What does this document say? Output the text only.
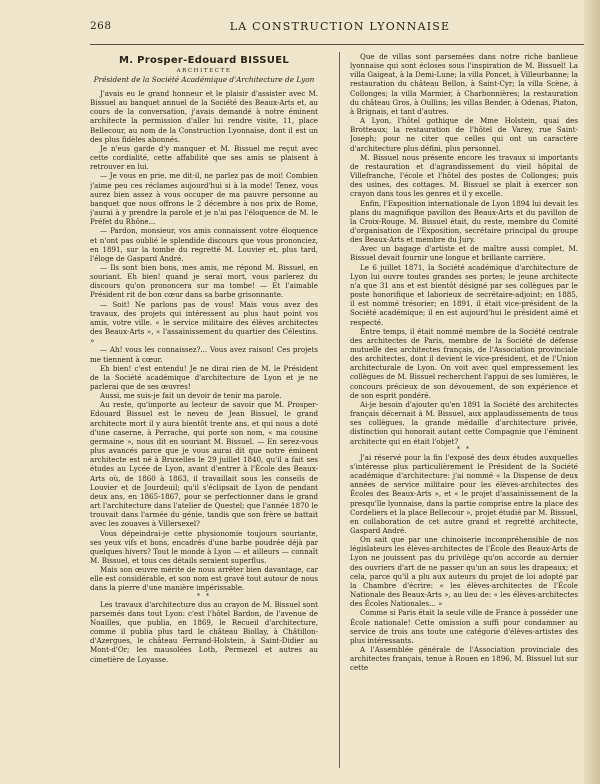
268	LA CONSTRUCTION LYONNAISE
M. Prosper-Edouard BISSUEL
ARCHITECTE
Président de la Société Académique d'Architecture de Lyon

J'avais eu le grand honneur et le plaisir d'assister avec M. Bissuel au banquet annuel de la Société des Beaux-Arts et, au cours de la conversation, j'avais demandé à notre éminent architecte la permission d'aller lui rendre visite, 11, place Bellecour, au nom de la Construction Lyonnaise, dont il est un des plus fidèles abonnés.

Je n'eus garde d'y manquer et M. Bissuel me reçut avec cette cordialité, cette affabilité que ses amis se plaisent à retrouver en lui.

— Je vous en prie, me dit-il, ne parlez pas de moi! Combien j'aime peu ces réclames aujourd'hui si à la mode! Tenez, vous aurez bien assez à vous occuper de ma pauvre personne au banquet que nous offrons le 2 décembre à nos prix de Rome, j'aurai à y prendre la parole et je n'ai pas l'éloquence de M. le Préfet du Rhône...

— Pardon, monsieur, vos amis connaissent votre éloquence et n'ont pas oublié le splendide discours que vous prononciez, en 1891, sur la tombe du regretté M. Louvier et, plus tard, l'éloge de Gaspard André.

— Ils sont bien bons, mes amis, me répond M. Bissuel, en souriant. Eh bien! quand je serai mort, vous parlerez du discours qu'on prononcera sur ma tombe! — Et l'aimable Président rit de bon cœur dans sa barbe grisonnante.

— Soit! Ne parlons pas de vous! Mais vous avez des travaux, des projets qui intéressent au plus haut point vos amis, votre ville. « le service militaire des élèves architectes des Beaux-Arts », « l'assainissement du quartier des Célestins. »

— Ah! vous les connaissez?... Vous avez raison! Ces projets me tiennent à cœur.

Eh bien! c'est entendu! Je ne dirai rien de M. le Président de la Société académique d'architecture de Lyon et je ne parlerai que de ses œuvres!

Aussi, me suis-je fait un devoir de tenir ma parole.

Au reste, qu'importe au lecteur de savoir que M. Prosper-Edouard Bissuel est le neveu de Jean Bissuel, le grand architecte mort il y aura bientôt trente ans, et qui nous a doté d'une caserne, à Perrache, qui porte son nom, « ma cousine germaine », nous dit en souriant M. Bissuel. — En serez-vous plus avancés parce que je vous aurai dit que notre éminent architecte est né à Bruxelles le 29 juillet 1840, qu'il a fait ses études au Lycée de Lyon, avant d'entrer à l'École des Beaux-Arts où, de 1860 à 1863, il travaillait sous les conseils de Louvier et de Jourdeuil; qu'il s'éclipsait de Lyon de pendant deux ans, en 1865-1867, pour se perfectionner dans le grand art l'architecture dans l'atelier de Questel; que l'année 1870 le trouvait dans l'armée du génie, tandis que son frère se battait avec les zouaves à Villersexel?

Vous dépeindrai-je cette physionomie toujours souriante, ses yeux vifs et bons, encadrés d'une barbe poudrée déjà par quelques hivers? Tout le monde à Lyon — et ailleurs — connaît M. Bissuel, et tous ces détails seraient superflus.

Mais son œuvre mérite de nous arrêter bien davantage, car elle est considérable, et son nom est gravé tout autour de nous dans la pierre d'une manière impérissable.

* *

Les travaux d'architecture dus au crayon de M. Bissuel sont parsemés dans tout Lyon: c'est l'hôtel Bardon, de l'avenue de Noailles, que publia, en 1869, le Recueil d'architecture, comme il publia plus tard le château Biollay, à Châtillon-d'Azergues, le château Ferrand-Holstein, à Saint-Didier au Mont-d'Or; les mausolées Loth, Permezel et autres au cimetière de Loyasse.

Que de villas sont parsemées dans notre riche banlieue lyonnaise qui sont écloses sous l'inspiration de M. Bissuel! La villa Gaigeat, à la Demi-Lune; la villa Poncet, à Villeurbanne; la restauration du château Bellon, à Saint-Cyr; la villa Scène, à Collonges; la villa Marmier, à Charbonnières; la restauration du château Gros, à Oullins; les villas Bender, à Odenas, Piaton, à Brignais, et tant d'autres.

A Lyon, l'hôtel gothique de Mme Holstein, quai des Brotteaux; la restauration de l'hôtel de Varey, rue Saint-Joseph; pour ne citer que celles qui ont un caractère d'architecture plus défini, plus personnel.

M. Bissuel nous présente encore les travaux si importants de restauration et d'agrandissement du vieil hôpital de Villefranche, l'école et l'hôtel des postes de Collonges; puis des usines, des cottages. M. Bissuel se plait à exercer son crayon dans tous les genres et il y excelle.

Enfin, l'Exposition internationale de Lyon 1894 lui devait les plans du magnifique pavillon des Beaux-Arts et du pavillon de la Croix-Rouge. M. Bissuel était, du reste, membre du Comité d'organisation de l'Exposition, secrétaire principal du groupe des Beaux-Arts et membre du Jury.

Avec un bagage d'artiste et de maître aussi complet, M. Bissuel devait fournir une longue et brillante carrière.

Le 6 juillet 1871, la Société académique d'architecture de Lyon lui ouvre toutes grandes ses portes; le jeune architecte n'a que 31 ans et est bientôt désigné par ses collègues par le poste honorifique et laborieux de secrétaire-adjoint; en 1885, il est nommé trésorier; en 1891, il était vice-président de la Société académique; il en est aujourd'hui le président aimé et respecté.

Entre temps, il était nommé membre de la Société centrale des architectes de Paris, membre de la Société de défense mutuelle des architectes français, de l'Association provinciale des architectes, dont il devient le vice-président, et de l'Union architecturale de Lyon. On voit avec quel empressement les collègues de M. Bissuel recherchent l'appui de ses lumières, le concours précieux de son dévouement, de son expérience et de son esprit pondéré.

Ai-je besoin d'ajouter qu'en 1891 la Société des architectes français décernait à M. Bissuel, aux applaudissements de tous ses collègues, la grande médaille d'architecture privée, distinction qui honorait autant cette Compagnie que l'éminent architecte qui en était l'objet?

* *

J'ai réservé pour la fin l'exposé des deux études auxquelles s'intéresse plus particulièrement le Président de la Société académique d'architecture: j'ai nommé « la Dispense de deux années de service militaire pour les élèves-architectes des Écoles des Beaux-Arts », et « le projet d'assainissement de la presqu'île lyonnaise, dans la partie comprise entre la place des Cordeliers et la place Bellecour », projet étudié par M. Bissuel, en collaboration de cet autre grand et regretté architecte, Gaspard André.

On sait que par une chinoiserie incompréhensible de nos législateurs les élèves-architectes de l'École des Beaux-Arts de Lyon ne jouissent pas du privilège qu'on accorde au dernier des ouvriers d'art de ne passer qu'un an sous les drapeaux; et cela, parce qu'il a plu aux auteurs du projet de loi adopté par la Chambre d'écrire: « les élèves-architectes de l'École Nationale des Beaux-Arts », au lieu de: « les élèves-architectes des Écoles Nationales... »

Comme si Paris était la seule ville de France à posséder une École nationale! Cette omission a suffi pour condamner au service de trois ans toute une catégorie d'élèves-artistes des plus intéressants.

A l'Assemblée générale de l'Association provinciale des architectes français, tenue à Rouen en 1896, M. Bissuel lut sur cette
